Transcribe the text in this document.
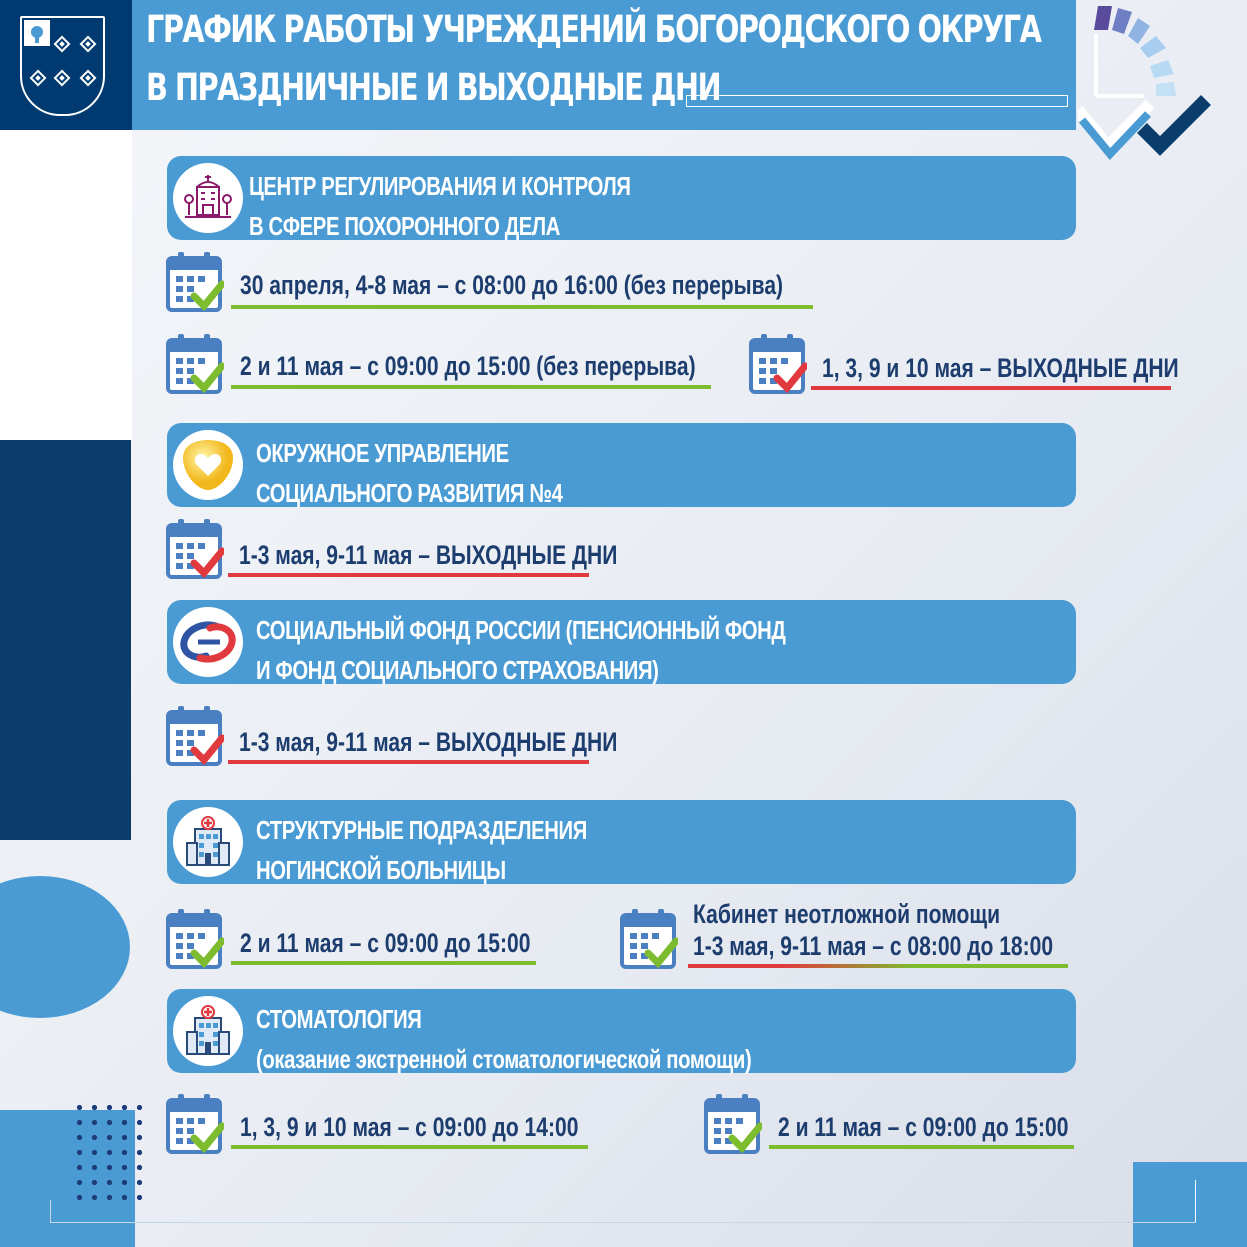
ГРАФИК РАБОТЫ УЧРЕЖДЕНИЙ БОГОРОДСКОГО ОКРУГА
В ПРАЗДНИЧНЫЕ И ВЫХОДНЫЕ ДНИ
ЦЕНТР РЕГУЛИРОВАНИЯ И КОНТРОЛЯ
В СФЕРЕ ПОХОРОННОГО ДЕЛА
30 апреля, 4-8 мая – с 08:00 до 16:00 (без перерыва)
2 и 11 мая – с 09:00 до 15:00 (без перерыва)	1, 3, 9 и 10 мая – ВЫХОДНЫЕ ДНИ
ОКРУЖНОЕ УПРАВЛЕНИЕ
СОЦИАЛЬНОГО РАЗВИТИЯ №4
1-3 мая, 9-11 мая – ВЫХОДНЫЕ ДНИ
СОЦИАЛЬНЫЙ ФОНД РОССИИ (ПЕНСИОННЫЙ ФОНД
И ФОНД СОЦИАЛЬНОГО СТРАХОВАНИЯ)
1-3 мая, 9-11 мая – ВЫХОДНЫЕ ДНИ
СТРУКТУРНЫЕ ПОДРАЗДЕЛЕНИЯ
НОГИНСКОЙ БОЛЬНИЦЫ
2 и 11 мая – с 09:00 до 15:00
Кабинет неотложной помощи
1-3 мая, 9-11 мая – с 08:00 до 18:00
СТОМАТОЛОГИЯ
(оказание экстренной стоматологической помощи)
1, 3, 9 и 10 мая – с 09:00 до 14:00	2 и 11 мая – с 09:00 до 15:00
